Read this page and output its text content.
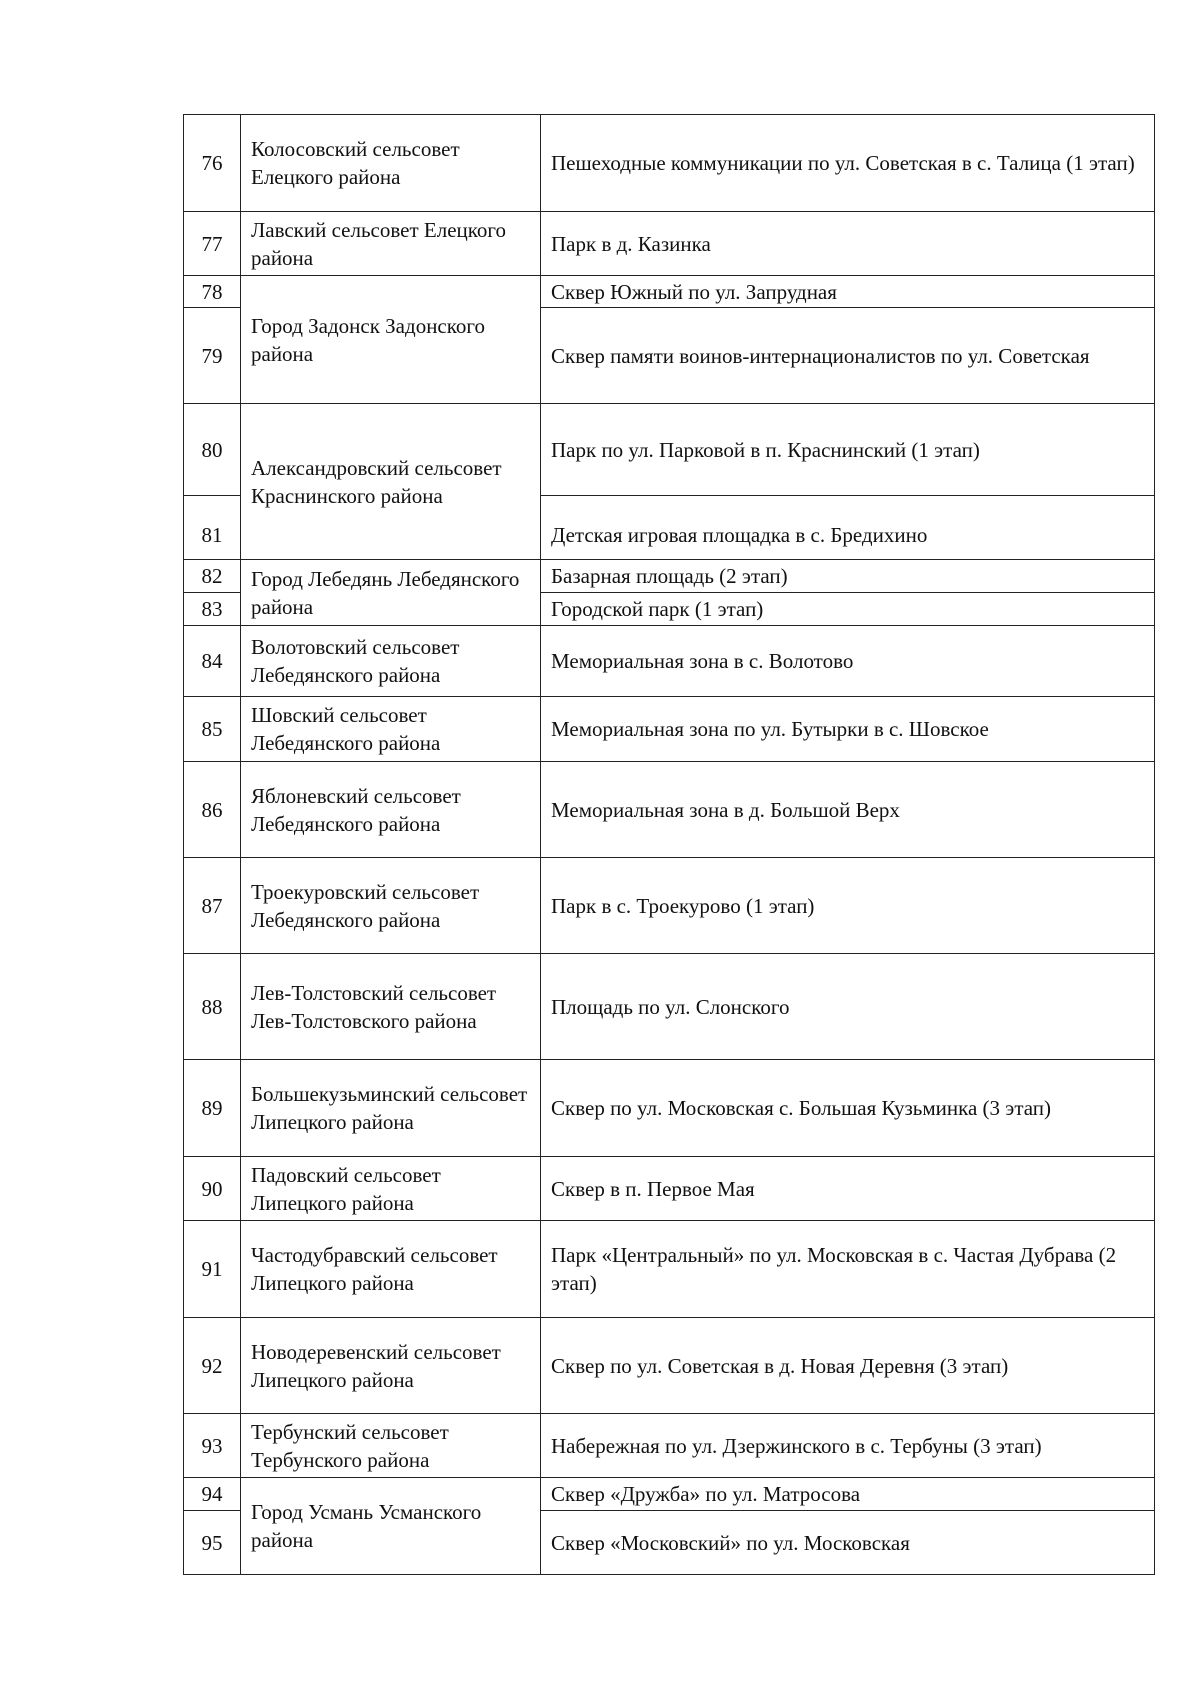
76	Колосовский сельсовет Елецкого района	Пешеходные коммуникации по ул. Советская в с. Талица (1 этап)
77	Лавский сельсовет Елецкого района	Парк в д. Казинка
78	Город Задонск Задонского района	Сквер Южный по ул. Запрудная
79		Сквер памяти воинов-интернационалистов по ул. Советская
80	Александровский сельсовет Краснинского района	Парк по ул. Парковой в п. Краснинский (1 этап)
81		Детская игровая площадка в с. Бредихино
82	Город Лебедянь Лебедянского района	Базарная площадь (2 этап)
83		Городской парк (1 этап)
84	Волотовский сельсовет Лебедянского района	Мемориальная зона в с. Волотово
85	Шовский сельсовет Лебедянского района	Мемориальная зона по ул. Бутырки в с. Шовское
86	Яблоневский сельсовет Лебедянского района	Мемориальная зона в д. Большой Верх
87	Троекуровский сельсовет Лебедянского района	Парк в с. Троекурово (1 этап)
88	Лев-Толстовский сельсовет Лев-Толстовского района	Площадь по ул. Слонского
89	Большекузьминский сельсовет Липецкого района	Сквер по ул. Московская с. Большая Кузьминка (3 этап)
90	Падовский сельсовет Липецкого района	Сквер в п. Первое Мая
91	Частодубравский сельсовет Липецкого района	Парк «Центральный» по ул. Московская в с. Частая Дубрава (2 этап)
92	Новодеревенский сельсовет Липецкого района	Сквер по ул. Советская в д. Новая Деревня (3 этап)
93	Тербунский сельсовет Тербунского района	Набережная по ул. Дзержинского в с. Тербуны (3 этап)
94	Город Усмань Усманского района	Сквер «Дружба» по ул. Матросова
95		Сквер «Московский» по ул. Московская
